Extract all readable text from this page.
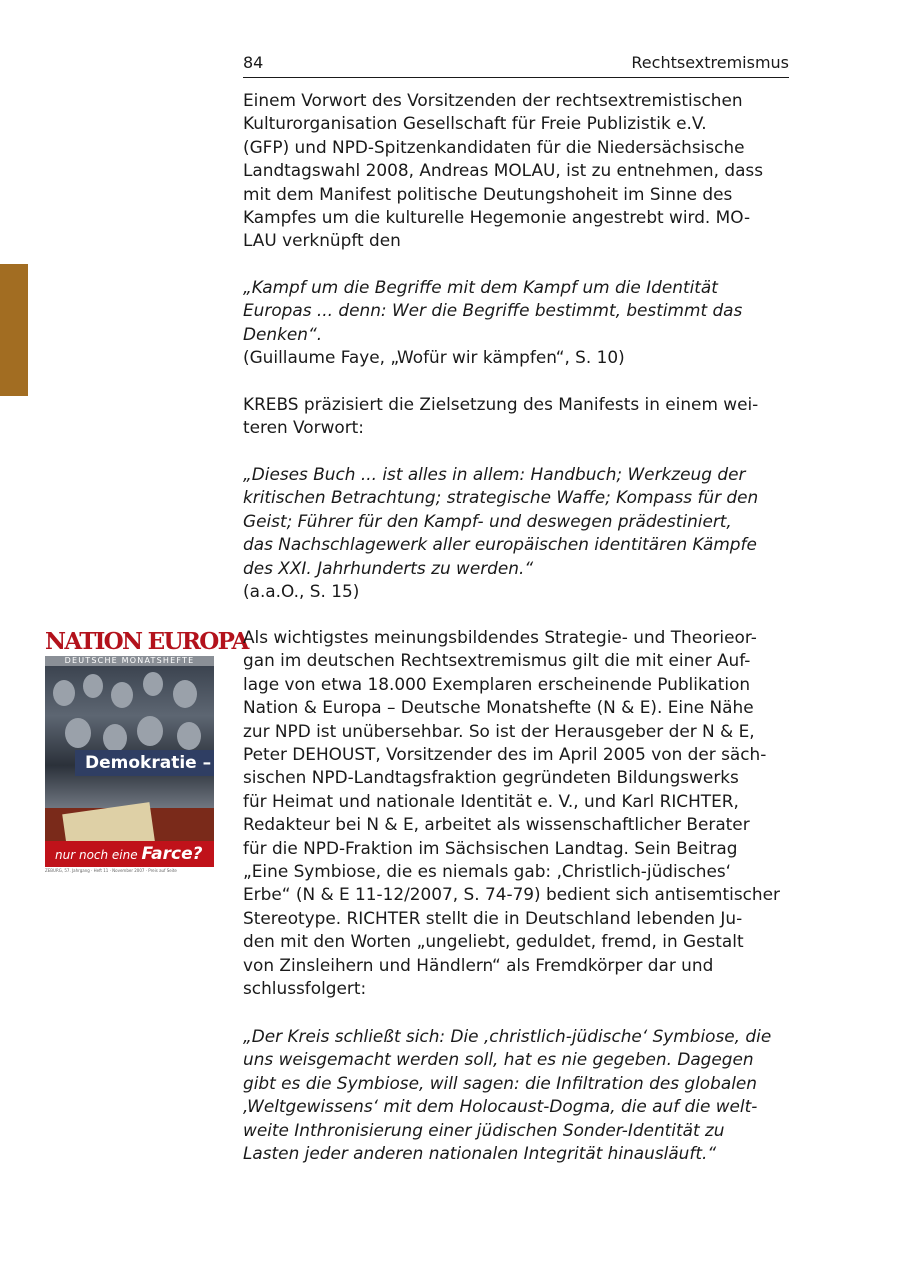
84	Rechtsextremismus
Einem Vorwort des Vorsitzenden der rechtsextremistischen
Kulturorganisation Gesellschaft für Freie Publizistik e.V.
(GFP) und NPD-Spitzenkandidaten für die Niedersächsische
Landtagswahl 2008, Andreas MOLAU, ist zu entnehmen, dass
mit dem Manifest politische Deutungshoheit im Sinne des
Kampfes um die kulturelle Hegemonie angestrebt wird. MO-
LAU verknüpft den
„Kampf um die Begriffe mit dem Kampf um die Identität
Europas ... denn: Wer die Begriffe bestimmt, bestimmt das
Denken“.
(Guillaume Faye, „Wofür wir kämpfen“, S. 10)
KREBS präzisiert die Zielsetzung des Manifests in einem wei-
teren Vorwort:
„Dieses Buch ... ist alles in allem: Handbuch; Werkzeug der
kritischen Betrachtung; strategische Waffe; Kompass für den
Geist; Führer für den Kampf- und deswegen prädestiniert,
das Nachschlagewerk aller europäischen identitären Kämpfe
des XXI. Jahrhunderts zu werden.“
(a.a.O., S. 15)
NATION EUROPA
DEUTSCHE MONATSHEFTE
Demokratie –
nur noch eine Farce?
ZEBURG, 57. Jahrgang · Heft 11 · November 2007 · Preis auf Seite
Als wichtigstes meinungsbildendes Strategie- und Theorieor-
gan im deutschen Rechtsextremismus gilt die mit einer Auf-
lage von etwa 18.000 Exemplaren erscheinende Publikation
Nation & Europa – Deutsche Monatshefte (N & E). Eine Nähe
zur NPD ist unübersehbar. So ist der Herausgeber der N & E,
Peter DEHOUST, Vorsitzender des im April 2005 von der säch-
sischen NPD-Landtagsfraktion gegründeten Bildungswerks
für Heimat und nationale Identität e. V., und Karl RICHTER,
Redakteur bei N & E, arbeitet als wissenschaftlicher Berater
für die NPD-Fraktion im Sächsischen Landtag. Sein Beitrag
„Eine Symbiose, die es niemals gab: ‚Christlich-jüdisches‘
Erbe“ (N & E 11-12/2007, S. 74-79) bedient sich antisemtischer
Stereotype. RICHTER stellt die in Deutschland lebenden Ju-
den mit den Worten „ungeliebt, geduldet, fremd, in Gestalt
von Zinsleihern und Händlern“ als Fremdkörper dar und
schlussfolgert:
„Der Kreis schließt sich: Die ‚christlich-jüdische‘ Symbiose, die
uns weisgemacht werden soll, hat es nie gegeben. Dagegen
gibt es die Symbiose, will sagen: die Infiltration des globalen
‚Weltgewissens‘ mit dem Holocaust-Dogma, die auf die welt-
weite Inthronisierung einer jüdischen Sonder-Identität zu
Lasten jeder anderen nationalen Integrität hinausläuft.“
